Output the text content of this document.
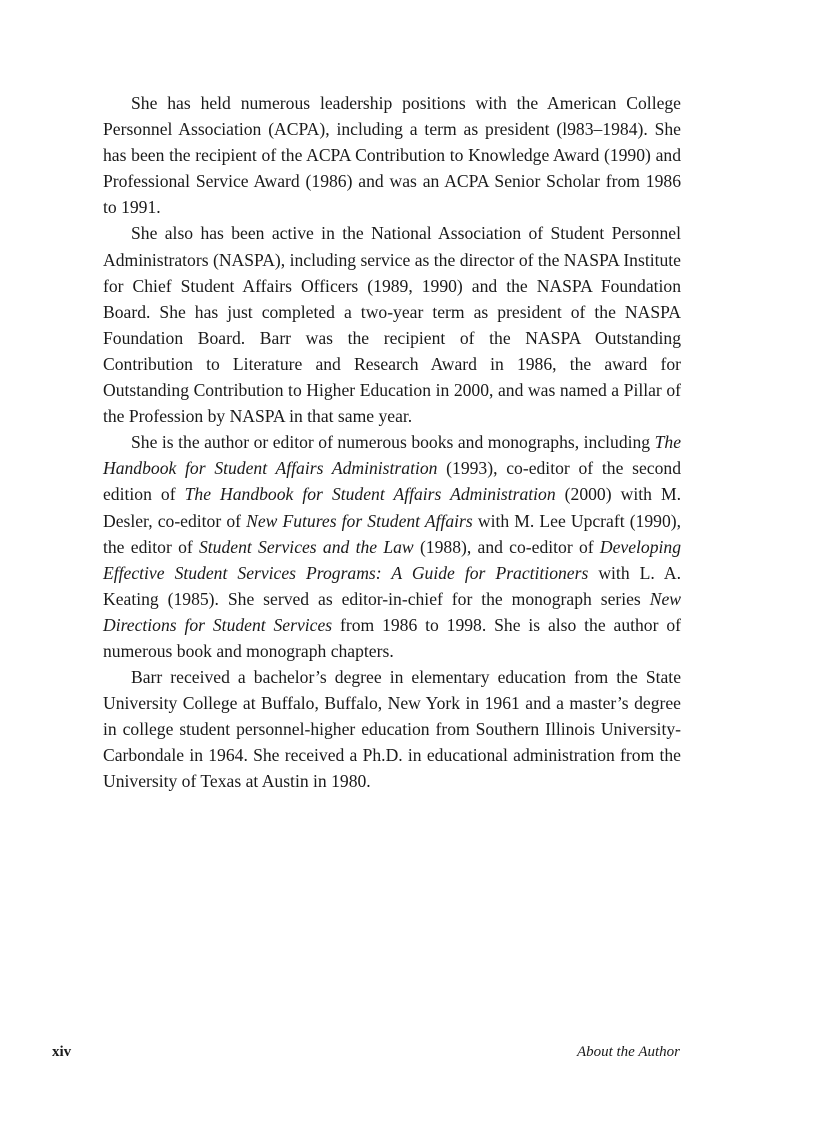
She has held numerous leadership positions with the American College Personnel Association (ACPA), including a term as president (l983–1984). She has been the recipient of the ACPA Contribution to Knowledge Award (1990) and Professional Service Award (1986) and was an ACPA Senior Scholar from 1986 to 1991.

She also has been active in the National Association of Student Personnel Administrators (NASPA), including service as the director of the NASPA Institute for Chief Student Affairs Officers (1989, 1990) and the NASPA Foundation Board. She has just completed a two-year term as president of the NASPA Foundation Board. Barr was the recipient of the NASPA Outstanding Contribution to Literature and Research Award in 1986, the award for Outstanding Contribution to Higher Education in 2000, and was named a Pillar of the Profession by NASPA in that same year.

She is the author or editor of numerous books and monographs, including The Handbook for Student Affairs Administration (1993), co-editor of the second edition of The Handbook for Student Affairs Administration (2000) with M. Desler, co-editor of New Futures for Student Affairs with M. Lee Upcraft (1990), the editor of Student Services and the Law (1988), and co-editor of Developing Effective Student Services Programs: A Guide for Practitioners with L. A. Keating (1985). She served as editor-in-chief for the monograph series New Directions for Student Services from 1986 to 1998. She is also the author of numerous book and monograph chapters.

Barr received a bachelor’s degree in elementary education from the State University College at Buffalo, Buffalo, New York in 1961 and a master’s degree in college student personnel-higher education from Southern Illinois University-Carbondale in 1964. She received a Ph.D. in educational administration from the University of Texas at Austin in 1980.

xiv	About the Author
